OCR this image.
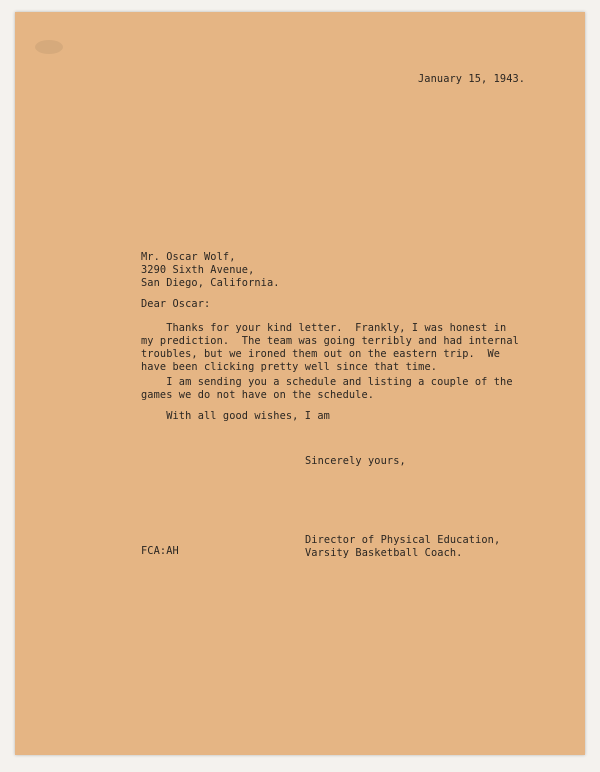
January 15, 1943.
Mr. Oscar Wolf,
3290 Sixth Avenue,
San Diego, California.
Dear Oscar:
Thanks for your kind letter.  Frankly, I was honest in
my prediction.  The team was going terribly and had internal
troubles, but we ironed them out on the eastern trip.  We
have been clicking pretty well since that time.
I am sending you a schedule and listing a couple of the
games we do not have on the schedule.
With all good wishes, I am
Sincerely yours,
Director of Physical Education,
Varsity Basketball Coach.
FCA:AH
